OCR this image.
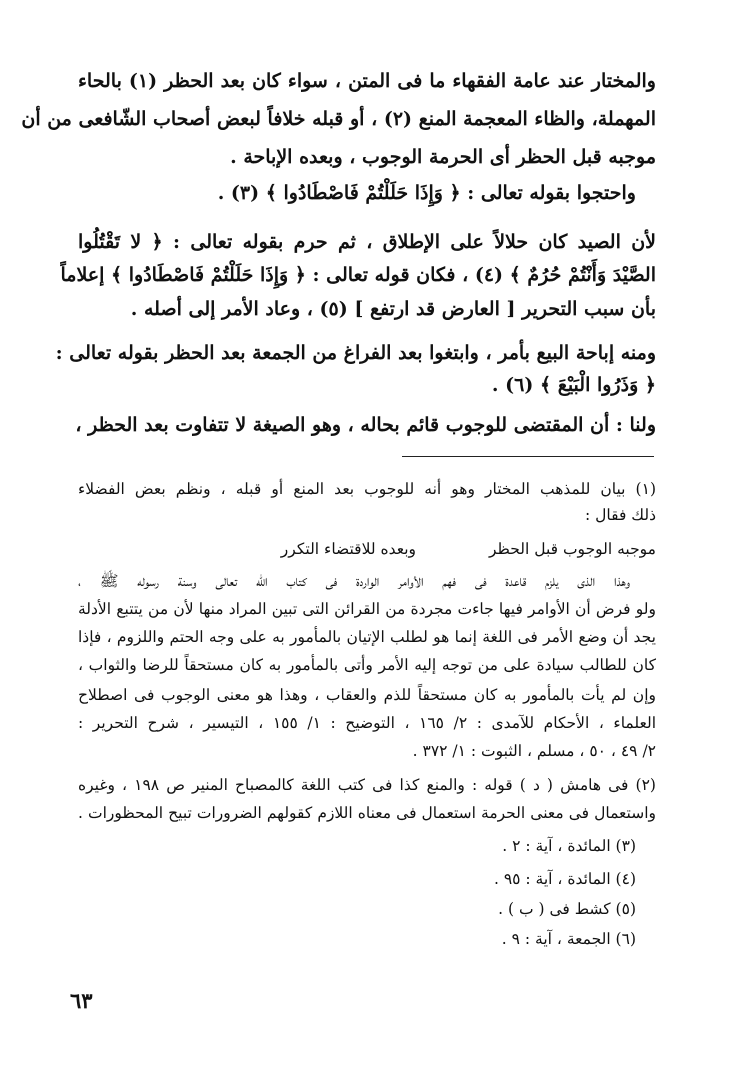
والمختار عند عامة الفقهاء ما فى المتن ، سواء كان بعد الحظر (١) بالحاء
المهملة، والظاء المعجمة المنع (٢) ، أو قبله خلافاً لبعض أصحاب الشّافعى من أن
موجبه قبل الحظر أى الحرمة الوجوب ، وبعده الإباحة .
واحتجوا بقوله تعالى : ﴿ وَإِذَا حَلَلْتُمْ فَاصْطَادُوا ﴾ (٣) .
لأن الصيد كان حلالاً على الإطلاق ، ثم حرم بقوله تعالى : ﴿ لا تَقْتُلُوا
الصَّيْدَ وَأَنْتُمْ حُرُمٌ ﴾ (٤) ، فكان قوله تعالى : ﴿ وَإِذَا حَلَلْتُمْ فَاصْطَادُوا ﴾ إعلاماً
بأن سبب التحرير [ العارض قد ارتفع ] (٥) ، وعاد الأمر إلى أصله .
ومنه إباحة البيع بأمر ، وابتغوا بعد الفراغ من الجمعة بعد الحظر بقوله تعالى :
﴿ وَذَرُوا الْبَيْعَ ﴾ (٦) .
ولنا : أن المقتضى للوجوب قائم بحاله ، وهو الصيغة لا تتفاوت بعد الحظر ،
(١) بيان للمذهب المختار وهو أنه للوجوب بعد المنع أو قبله ، ونظم بعض الفضلاء
ذلك فقال :
موجبه الوجوب قبل الحظر
وبعده للاقتضاء التكرر
وهذا الذى يلزم قاعدة فى فهم الأوامر الواردة فى كتاب الله تعالى وسنة رسوله ﷺ ،
ولو فرض أن الأوامر فيها جاءت مجردة من القرائن التى تبين المراد منها لأن من يتتبع الأدلة
يجد أن وضع الأمر فى اللغة إنما هو لطلب الإتيان بالمأمور به على وجه الحتم واللزوم ، فإذا
كان للطالب سيادة على من توجه إليه الأمر وأتى بالمأمور به كان مستحقاً للرضا والثواب ،
وإن لم يأت بالمأمور به كان مستحقاً للذم والعقاب ، وهذا هو معنى الوجوب فى اصطلاح
العلماء ، الأحكام للآمدى : ٢/ ١٦٥ ، التوضيح : ١/ ١٥٥ ، التيسير ، شرح التحرير :
٢/ ٤٩ ، ٥٠ ، مسلم ، الثبوت : ١/ ٣٧٢ .
(٢) فى هامش ( د ) قوله : والمنع كذا فى كتب اللغة كالمصباح المنير ص ١٩٨ ، وغيره
واستعمال فى معنى الحرمة استعمال فى معناه اللازم كقولهم الضرورات تبيح المحظورات .
(٣) المائدة ، آية : ٢ .
(٤) المائدة ، آية : ٩٥ .
(٥) كشط فى ( ب ) .
(٦) الجمعة ، آية : ٩ .
٦٣
